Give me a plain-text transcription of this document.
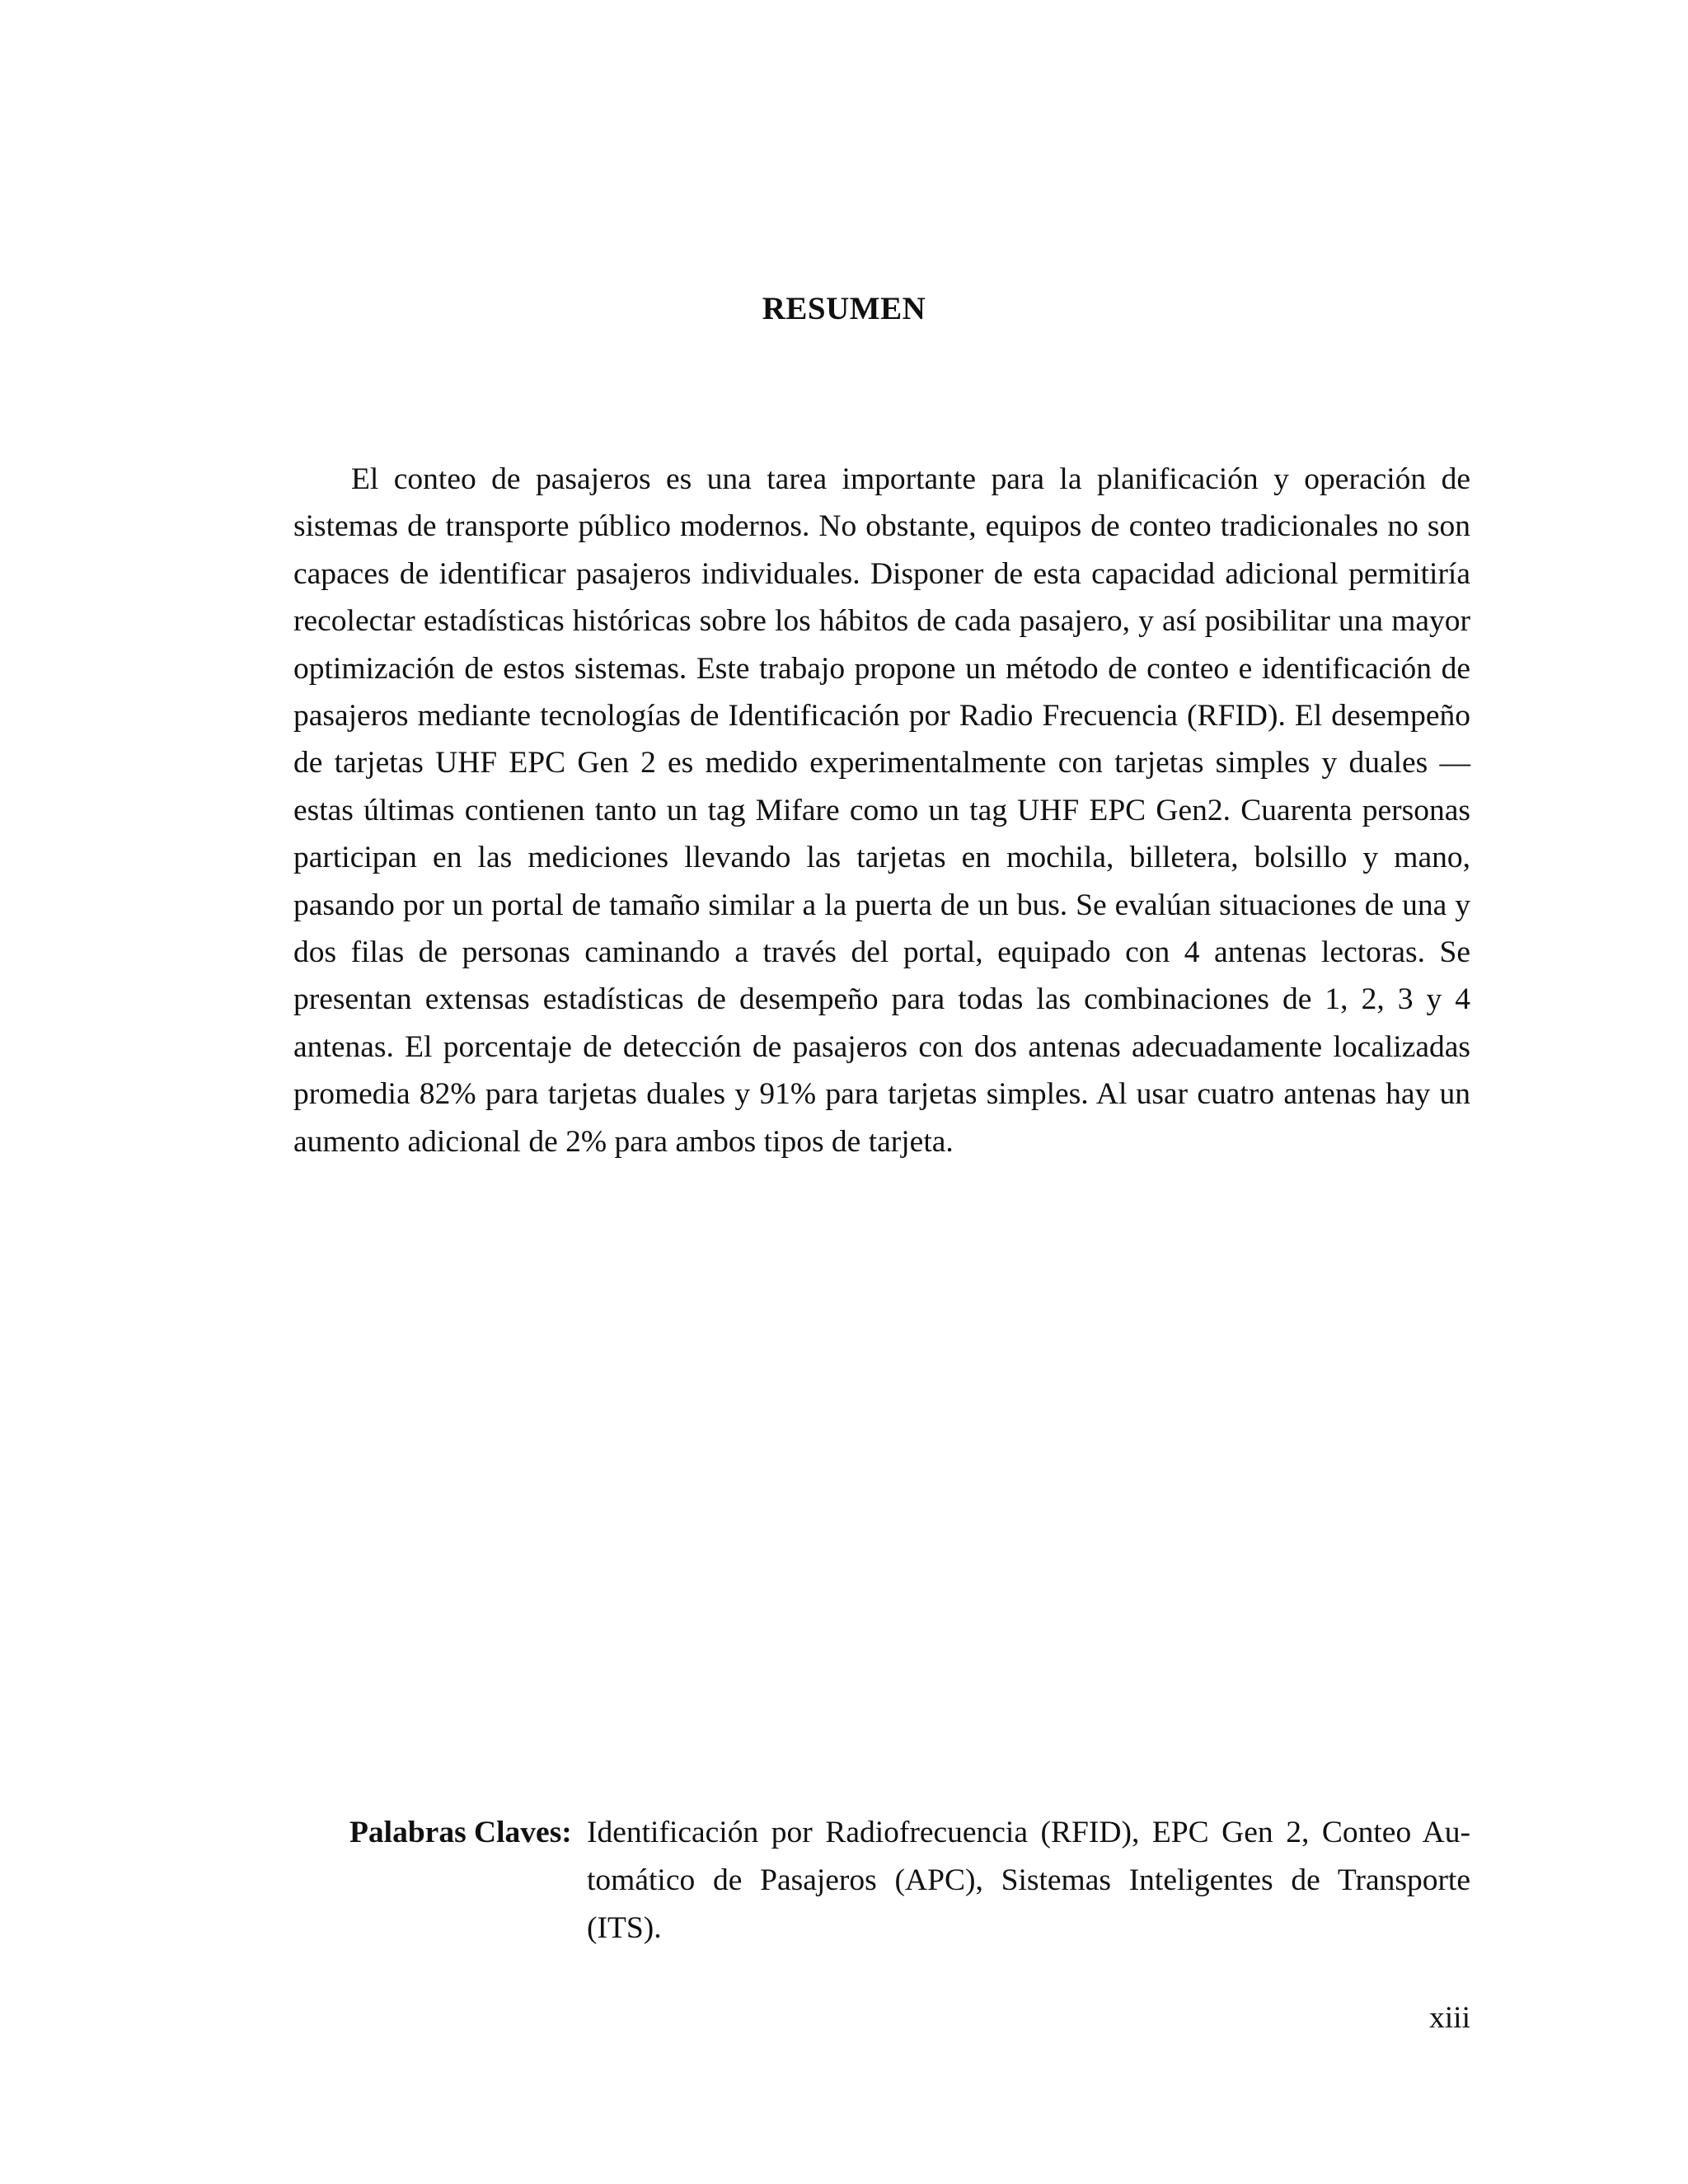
RESUMEN

El conteo de pasajeros es una tarea importante para la planificación y operación de sistemas de transporte público modernos. No obstante, equipos de conteo tradicionales no son capaces de identificar pasajeros individuales. Disponer de esta capacidad adicional permitiría recolectar estadísticas históricas sobre los hábitos de cada pasajero, y así posibilitar una mayor optimización de estos sistemas. Este trabajo propone un método de conteo e identificación de pasajeros mediante tecnologías de Identificación por Radio Frecuencia (RFID). El desempeño de tarjetas UHF EPC Gen 2 es medido experimentalmente con tarjetas simples y duales —estas últimas contienen tanto un tag Mifare como un tag UHF EPC Gen2. Cuarenta personas participan en las mediciones llevando las tarjetas en mochila, billetera, bolsillo y mano, pasando por un portal de tamaño similar a la puerta de un bus. Se evalúan situaciones de una y dos filas de personas caminando a través del portal, equipado con 4 antenas lectoras. Se presentan extensas estadísticas de desempeño para todas las combinaciones de 1, 2, 3 y 4 antenas. El porcentaje de detección de pasajeros con dos antenas adecuadamente localizadas promedia 82% para tarjetas duales y 91% para tarjetas simples. Al usar cuatro antenas hay un aumento adicional de 2% para ambos tipos de tarjeta.

Palabras Claves: Identificación por Radiofrecuencia (RFID), EPC Gen 2, Conteo Automático de Pasajeros (APC), Sistemas Inteligentes de Transporte (ITS).
xiii
